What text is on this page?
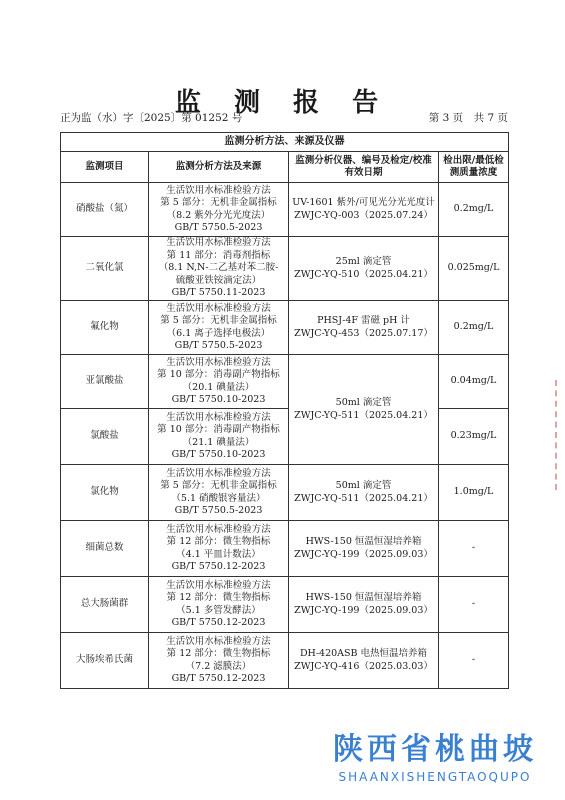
监 测 报 告
正为监（水）字〔2025〕第 01252 号	第 3 页　共 7 页
监测分析方法、来源及仪器			
监测项目	监测分析方法及来源	监测分析仪器、编号及检定/校准有效日期	检出限/最低检测质量浓度
硝酸盐（氮）	生活饮用水标准检验方法
第 5 部分：无机非金属指标
（8.2 紫外分光光度法）
GB/T 5750.5-2023	UV-1601 紫外/可见光分光光度计
ZWJC-YQ-003（2025.07.24）	0.2mg/L
二氧化氯	生活饮用水标准检验方法
第 11 部分：消毒剂指标
（8.1 N,N-二乙基对苯二胺-
硫酸亚铁铵滴定法）
GB/T 5750.11-2023	25ml 滴定管
ZWJC-YQ-510（2025.04.21）	0.025mg/L
氟化物	生活饮用水标准检验方法
第 5 部分：无机非金属指标
（6.1 离子选择电极法）
GB/T 5750.5-2023	PHSJ-4F 雷磁 pH 计
ZWJC-YQ-453（2025.07.17）	0.2mg/L
亚氯酸盐	生活饮用水标准检验方法
第 10 部分：消毒副产物指标
（20.1 碘量法）
GB/T 5750.10-2023	50ml 滴定管
ZWJC-YQ-511（2025.04.21）	0.04mg/L
氯酸盐	生活饮用水标准检验方法
第 10 部分：消毒副产物指标
（21.1 碘量法）
GB/T 5750.10-2023		0.23mg/L
氯化物	生活饮用水标准检验方法
第 5 部分：无机非金属指标
（5.1 硝酸银容量法）
GB/T 5750.5-2023	50ml 滴定管
ZWJC-YQ-511（2025.04.21）	1.0mg/L
细菌总数	生活饮用水标准检验方法
第 12 部分：微生物指标
（4.1 平皿计数法）
GB/T 5750.12-2023	HWS-150 恒温恒湿培养箱
ZWJC-YQ-199（2025.09.03）	-
总大肠菌群	生活饮用水标准检验方法
第 12 部分：微生物指标
（5.1 多管发酵法）
GB/T 5750.12-2023	HWS-150 恒温恒湿培养箱
ZWJC-YQ-199（2025.09.03）	-
大肠埃希氏菌	生活饮用水标准检验方法
第 12 部分：微生物指标
（7.2 滤膜法）
GB/T 5750.12-2023	DH-420ASB 电热恒温培养箱
ZWJC-YQ-416（2025.03.03）	-
陕西省桃曲坡
SHAANXISHENGTAOQUPO
